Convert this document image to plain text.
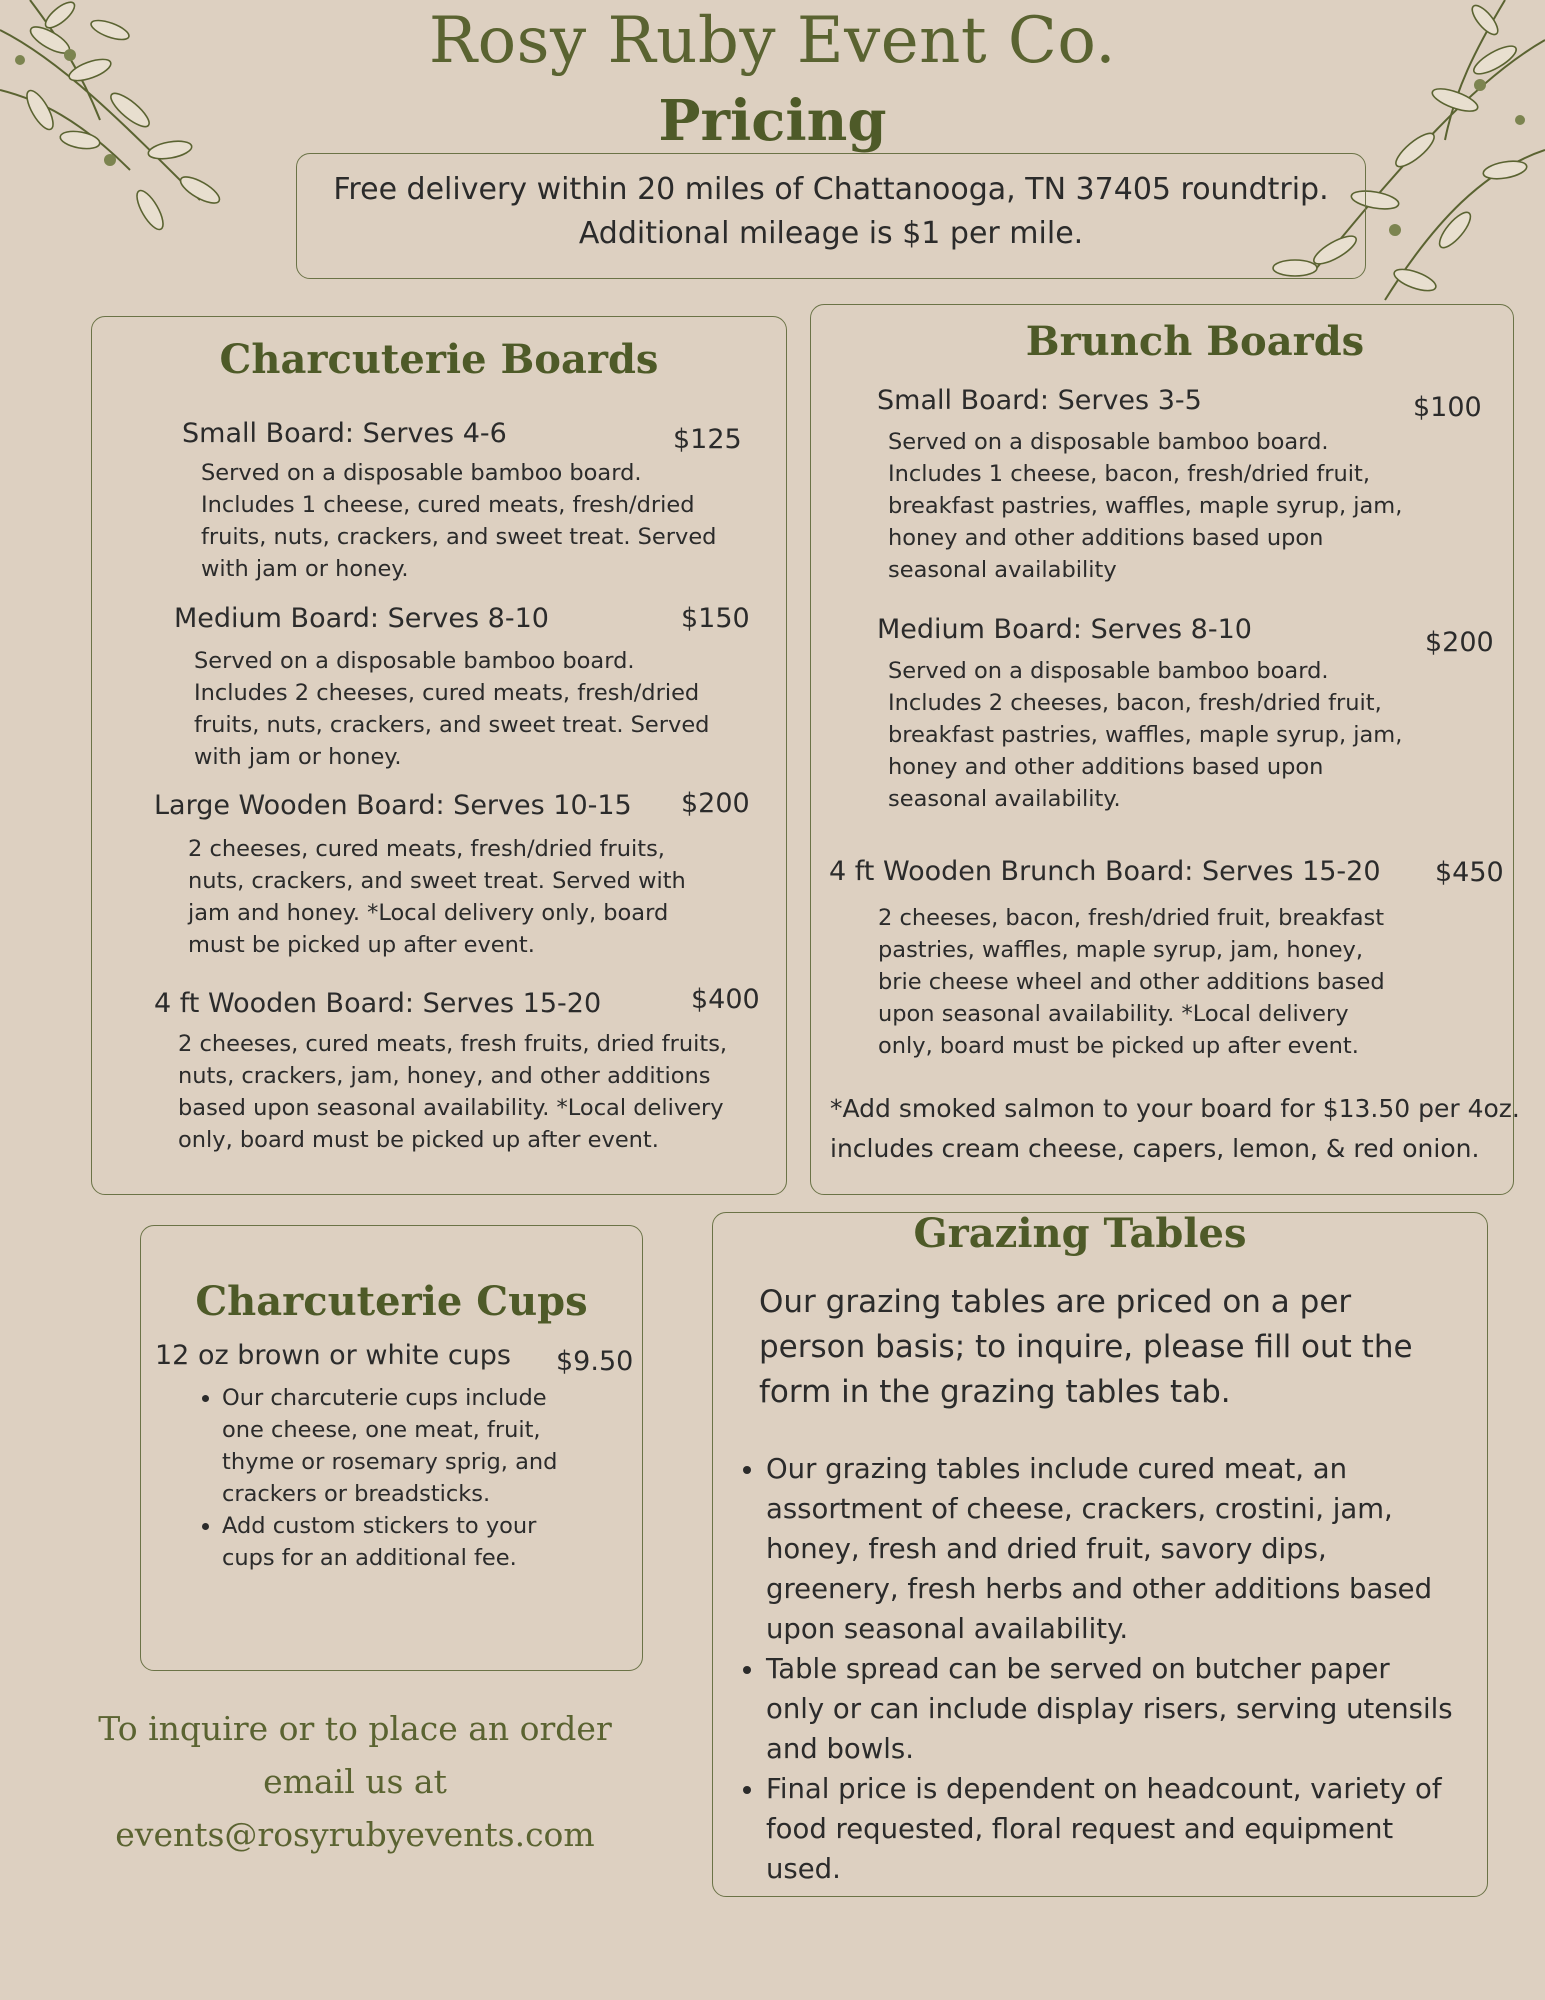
Rosy Ruby Event Co.
Pricing
Free delivery within 20 miles of Chattanooga, TN 37405 roundtrip.
Additional mileage is $1 per mile.
Charcuterie Boards
Small Board: Serves 4-6	$125
Served on a disposable bamboo board.
Includes 1 cheese, cured meats, fresh/dried
fruits, nuts, crackers, and sweet treat. Served
with jam or honey.
Medium Board: Serves 8-10	$150
Served on a disposable bamboo board.
Includes 2 cheeses, cured meats, fresh/dried
fruits, nuts, crackers, and sweet treat. Served
with jam or honey.
Large Wooden Board: Serves 10-15 $200
2 cheeses, cured meats, fresh/dried fruits,
nuts, crackers, and sweet treat. Served with
jam and honey. *Local delivery only, board
must be picked up after event.
4 ft Wooden Board: Serves 15-20	$400
2 cheeses, cured meats, fresh fruits, dried fruits,
nuts, crackers, jam, honey, and other additions
based upon seasonal availability. *Local delivery
only, board must be picked up after event.
Brunch Boards
Small Board: Serves 3-5	$100
Served on a disposable bamboo board.
Includes 1 cheese, bacon, fresh/dried fruit,
breakfast pastries, waffles, maple syrup, jam,
honey and other additions based upon
seasonal availability
Medium Board: Serves 8-10	$200
Served on a disposable bamboo board.
Includes 2 cheeses, bacon, fresh/dried fruit,
breakfast pastries, waffles, maple syrup, jam,
honey and other additions based upon
seasonal availability.
4 ft Wooden Brunch Board: Serves 15-20 $450
2 cheeses, bacon, fresh/dried fruit, breakfast
pastries, waffles, maple syrup, jam, honey,
brie cheese wheel and other additions based
upon seasonal availability. *Local delivery
only, board must be picked up after event.
*Add smoked salmon to your board for $13.50 per 4oz.
includes cream cheese, capers, lemon, & red onion.
Charcuterie Cups
12 oz brown or white cups $9.50
• Our charcuterie cups include
one cheese, one meat, fruit,
thyme or rosemary sprig, and
crackers or breadsticks.
• Add custom stickers to your
cups for an additional fee.
To inquire or to place an order
email us at
events@rosyrubyevents.com
Grazing Tables
Our grazing tables are priced on a per
person basis; to inquire, please fill out the
form in the grazing tables tab.
• Our grazing tables include cured meat, an
assortment of cheese, crackers, crostini, jam,
honey, fresh and dried fruit, savory dips,
greenery, fresh herbs and other additions based
upon seasonal availability.
• Table spread can be served on butcher paper
only or can include display risers, serving utensils
and bowls.
• Final price is dependent on headcount, variety of
food requested, floral request and equipment
used.
